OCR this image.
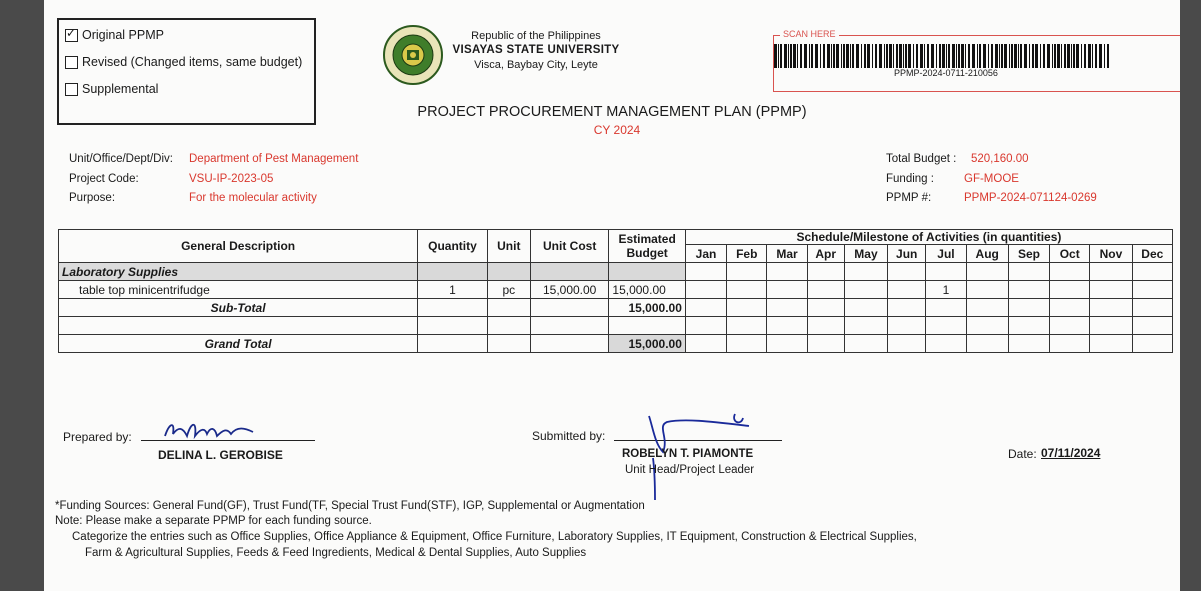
✓
Original PPMP
Revised (Changed items, same budget)
Supplemental
Republic of the Philippines
VISAYAS STATE UNIVERSITY
Visca, Baybay City, Leyte
SCAN HERE
PPMP-2024-0711-210056
PROJECT PROCUREMENT MANAGEMENT PLAN (PPMP)
CY 2024
Unit/Office/Dept/Div: Department of Pest Management
Project Code:	VSU-IP-2023-05
Purpose:	For the molecular activity
Total Budget : 520,160.00
Funding :	GF-MOOE
PPMP #:	PPMP-2024-071124-0269
General Description	Quantity	Unit	Unit Cost	Estimated Budget	Schedule/Milestone of Activities (in quantities)											
					Jan	Feb	Mar	Apr	May	Jun	Jul	Aug	Sep	Oct	Nov	Dec
Laboratory Supplies																
table top minicentrifudge	1	pc	15,000.00	15,000.00							1					
Sub-Total				15,000.00												

Grand Total				15,000.00												
Prepared by:
DELINA L. GEROBISE
Submitted by:
ROBELYN T. PIAMONTE
Unit Head/Project Leader
Date: 07/11/2024
*Funding Sources: General Fund(GF), Trust Fund(TF, Special Trust Fund(STF), IGP, Supplemental or Augmentation
Note: Please make a separate PPMP for each funding source.
Categorize the entries such as Office Supplies, Office Appliance & Equipment, Office Furniture, Laboratory Supplies, IT Equipment, Construction & Electrical Supplies,
Farm & Agricultural Supplies, Feeds & Feed Ingredients, Medical & Dental Supplies, Auto Supplies
